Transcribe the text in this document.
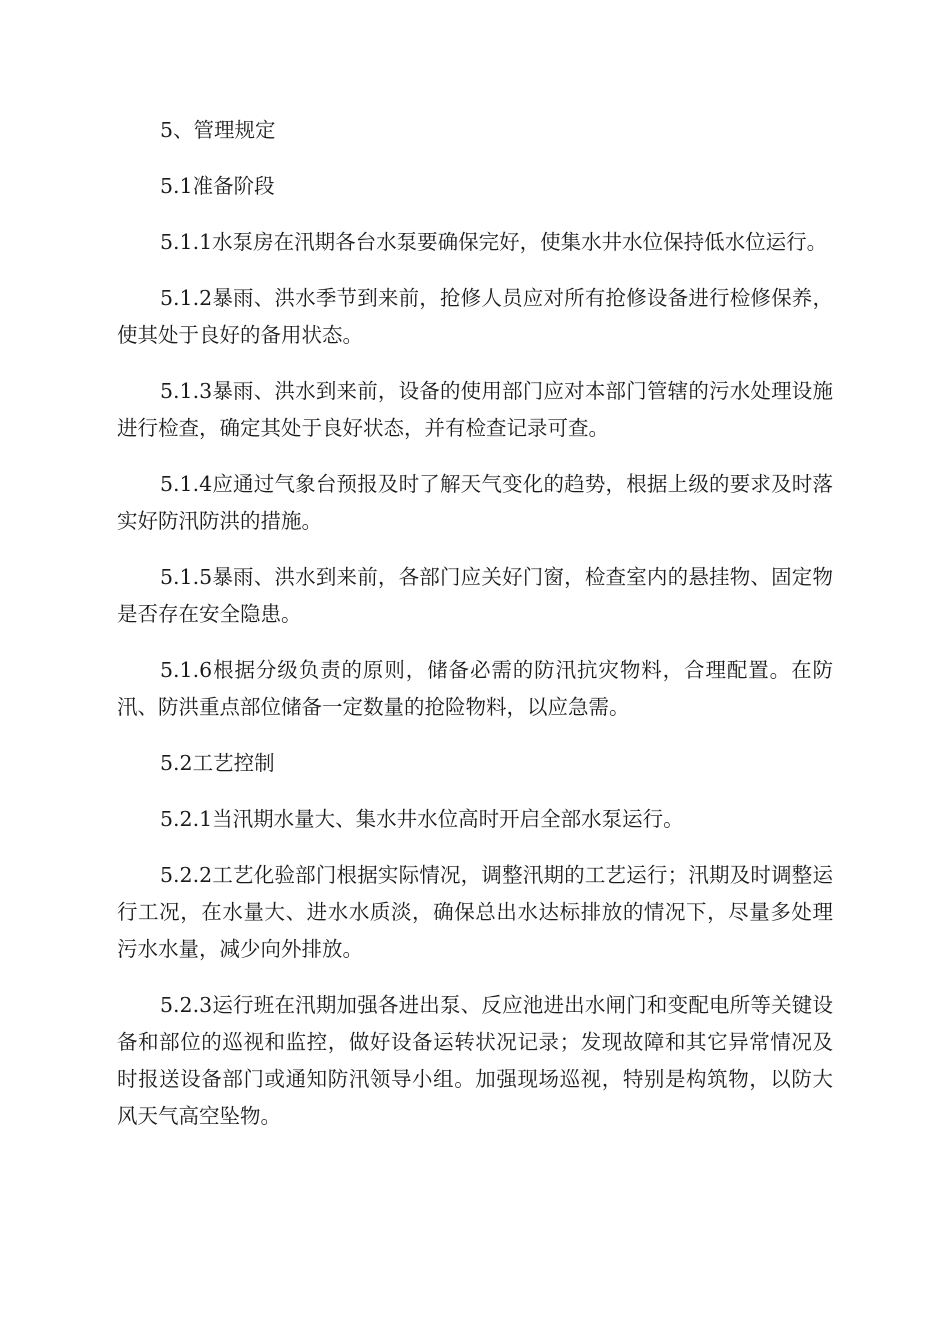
5、管理规定

5.1准备阶段

5.1.1水泵房在汛期各台水泵要确保完好，使集水井水位保持低水位运行。

5.1.2暴雨、洪水季节到来前，抢修人员应对所有抢修设备进行检修保养，使其处于良好的备用状态。

5.1.3暴雨、洪水到来前，设备的使用部门应对本部门管辖的污水处理设施进行检查，确定其处于良好状态，并有检查记录可查。

5.1.4应通过气象台预报及时了解天气变化的趋势，根据上级的要求及时落实好防汛防洪的措施。

5.1.5暴雨、洪水到来前，各部门应关好门窗，检查室内的悬挂物、固定物是否存在安全隐患。

5.1.6根据分级负责的原则，储备必需的防汛抗灾物料，合理配置。在防汛、防洪重点部位储备一定数量的抢险物料，以应急需。

5.2工艺控制

5.2.1当汛期水量大、集水井水位高时开启全部水泵运行。

5.2.2工艺化验部门根据实际情况，调整汛期的工艺运行；汛期及时调整运行工况，在水量大、进水水质淡，确保总出水达标排放的情况下，尽量多处理污水水量，减少向外排放。

5.2.3运行班在汛期加强各进出泵、反应池进出水闸门和变配电所等关键设备和部位的巡视和监控，做好设备运转状况记录；发现故障和其它异常情况及时报送设备部门或通知防汛领导小组。加强现场巡视，特别是构筑物，以防大风天气高空坠物。
